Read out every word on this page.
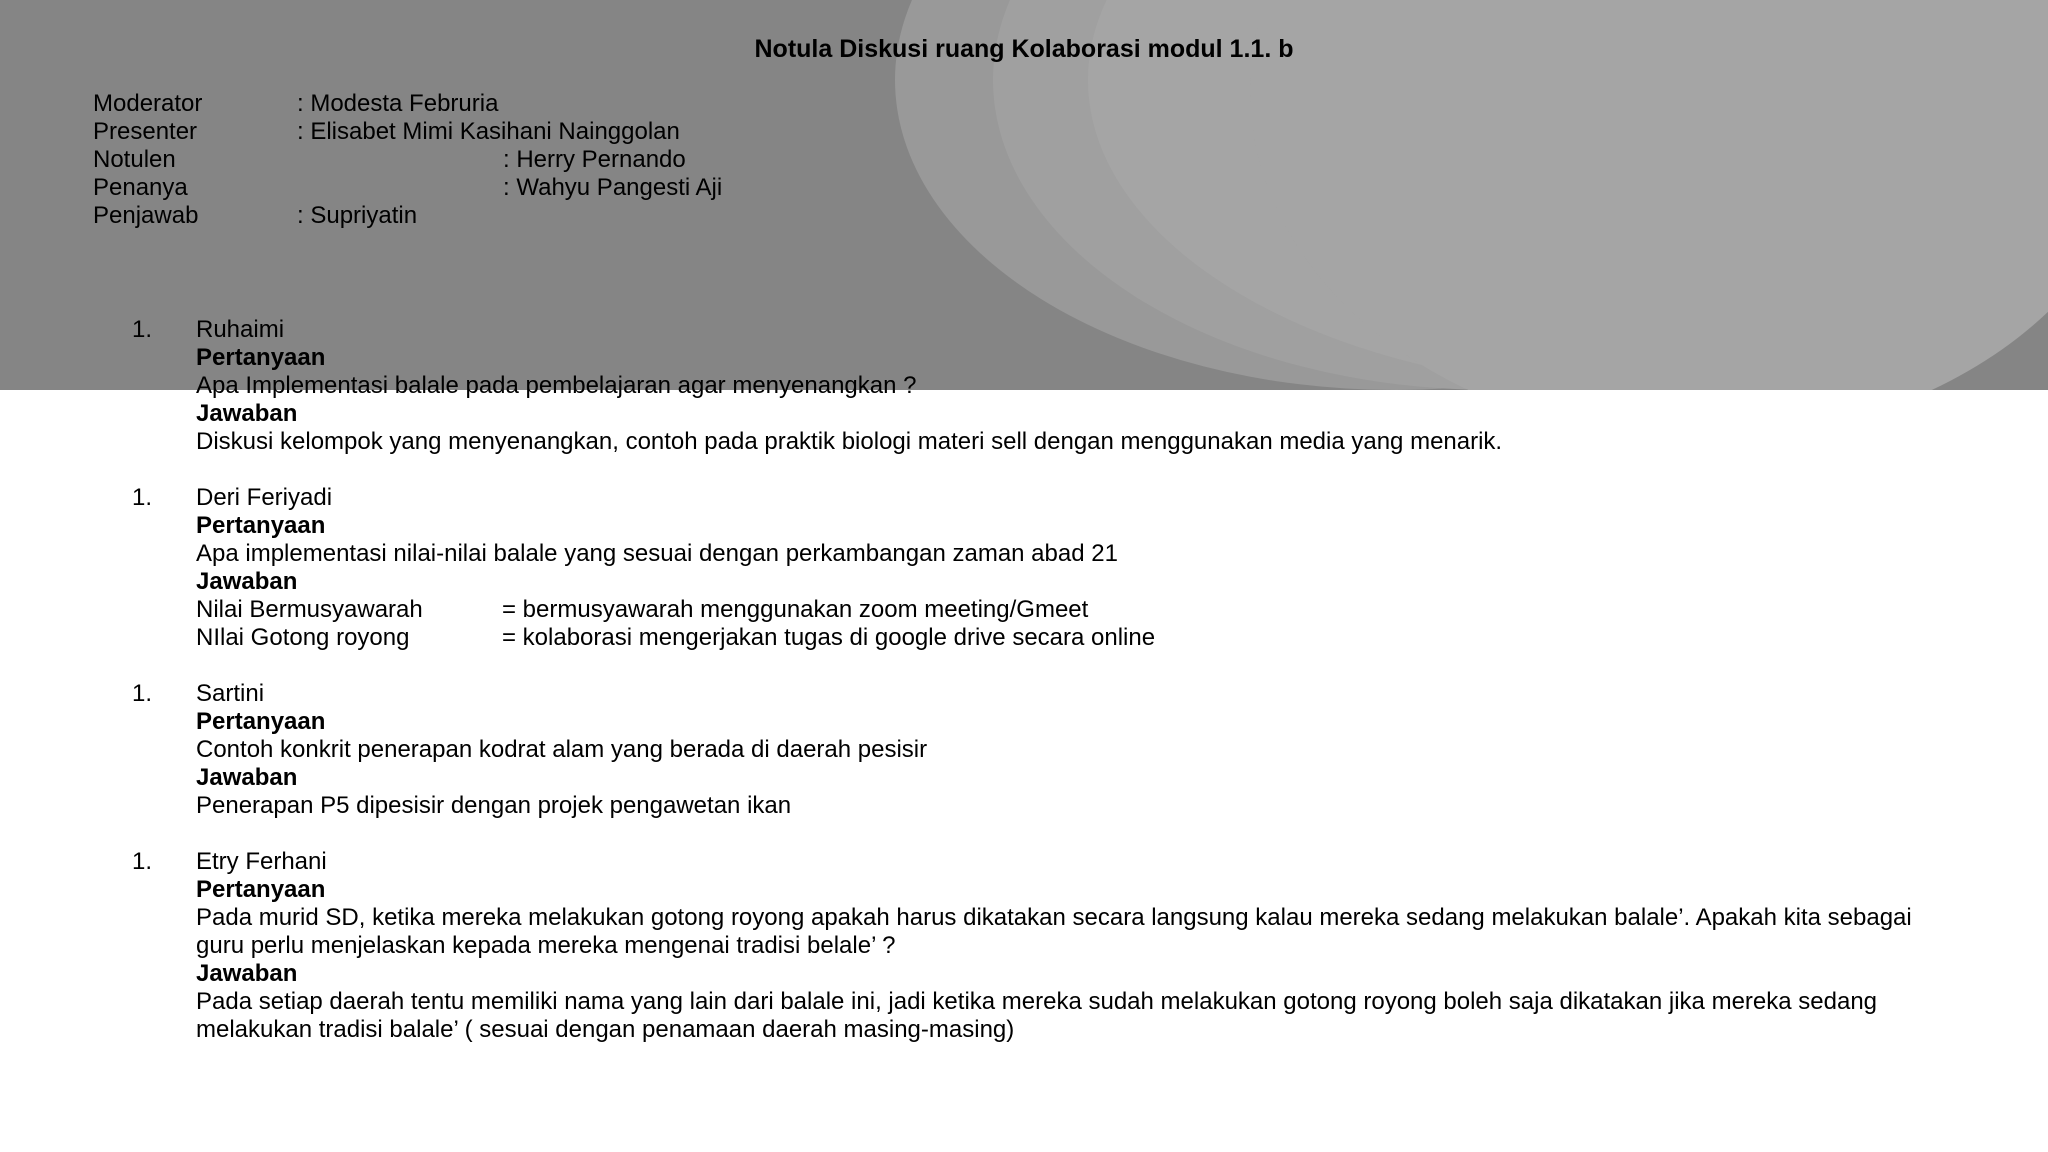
Notula Diskusi ruang Kolaborasi modul 1.1. b
Moderator	: Modesta Februria
Presenter	: Elisabet Mimi Kasihani Nainggolan
Notulen	: Herry Pernando
Penanya	: Wahyu Pangesti Aji
Penjawab	: Supriyatin
1. Ruhaimi
Pertanyaan
Apa Implementasi balale pada pembelajaran agar menyenangkan ?
Jawaban
Diskusi kelompok yang menyenangkan, contoh pada praktik biologi materi sell dengan menggunakan media yang menarik.
1. Deri Feriyadi
Pertanyaan
Apa implementasi nilai-nilai balale yang sesuai dengan perkambangan zaman abad 21
Jawaban
Nilai Bermusyawarah	= bermusyawarah menggunakan zoom meeting/Gmeet
NIlai Gotong royong	= kolaborasi mengerjakan tugas di google drive secara online
1. Sartini
Pertanyaan
Contoh konkrit penerapan kodrat alam yang berada di daerah pesisir
Jawaban
Penerapan P5 dipesisir dengan projek pengawetan ikan
1. Etry Ferhani
Pertanyaan
Pada murid SD, ketika mereka melakukan gotong royong apakah harus dikatakan secara langsung kalau mereka sedang melakukan balale’. Apakah kita sebagai guru perlu menjelaskan kepada mereka mengenai tradisi belale’ ?
Jawaban
Pada setiap daerah tentu memiliki nama yang lain dari balale ini, jadi ketika mereka sudah melakukan gotong royong boleh saja dikatakan jika mereka sedang melakukan tradisi balale’ ( sesuai dengan penamaan daerah masing-masing)
